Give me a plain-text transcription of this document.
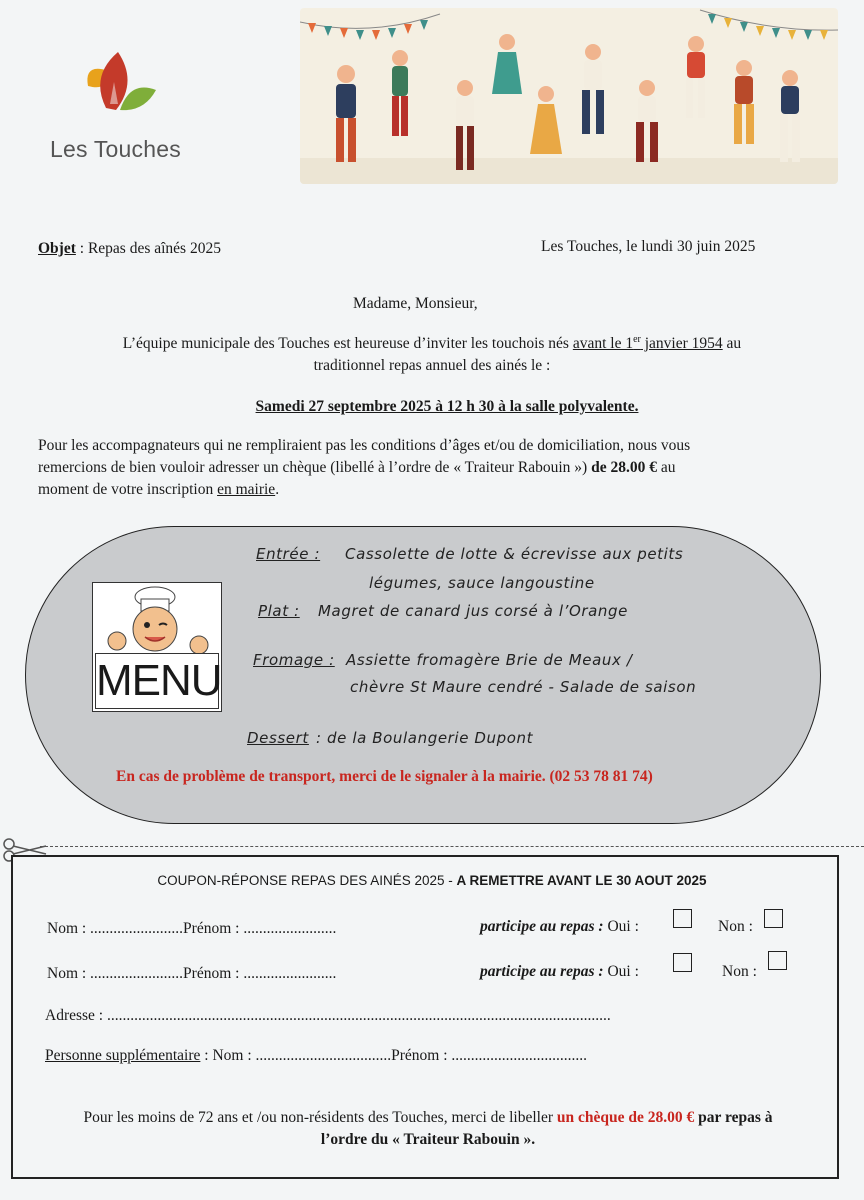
Les Touches
Objet : Repas des aînés 2025	Les Touches, le lundi 30 juin 2025
Madame, Monsieur,
L’équipe municipale des Touches est heureuse d’inviter les touchois nés avant le 1er janvier 1954 au
traditionnel repas annuel des ainés le :
Samedi 27 septembre 2025 à 12 h 30 à la salle polyvalente.
Pour les accompagnateurs qui ne rempliraient pas les conditions d’âges et/ou de domiciliation, nous vous
remercions de bien vouloir adresser un chèque (libellé à l’ordre de « Traiteur Rabouin ») de 28.00 € au
moment de votre inscription en mairie.
MENU
Entrée : Cassolette de lotte & écrevisse aux petits
légumes, sauce langoustine
Plat : Magret de canard jus corsé à l’Orange
Fromage : Assiette fromagère Brie de Meaux /
chèvre St Maure cendré - Salade de saison
Dessert : de la Boulangerie Dupont
En cas de problème de transport, merci de le signaler à la mairie. (02 53 78 81 74)
COUPON-RÉPONSE REPAS DES AINÉS 2025 - A REMETTRE AVANT LE 30 AOUT 2025
Nom : ........................Prénom : ........................	participe au repas : Oui :	Non :
Nom : ........................Prénom : ........................	participe au repas : Oui :	Non :
Adresse : ..................................................................................................................................
Personne supplémentaire : Nom : ...................................Prénom : ...................................
Pour les moins de 72 ans et /ou non-résidents des Touches, merci de libeller un chèque de 28.00 € par repas à
l’ordre du « Traiteur Rabouin ».
